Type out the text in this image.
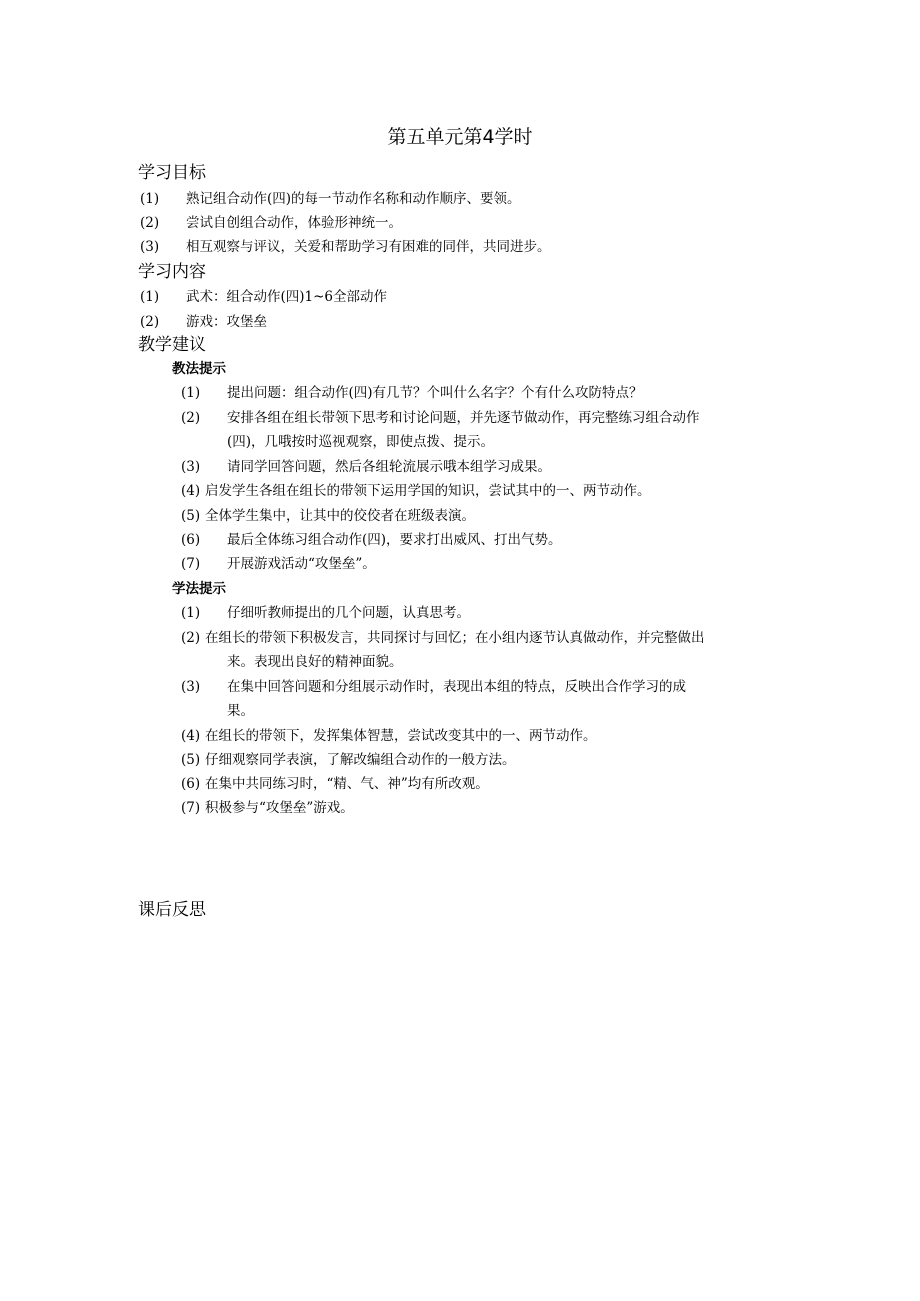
第五单元第4学时
学习目标
(1) 熟记组合动作(四)的每一节动作名称和动作顺序、要领。
(2) 尝试自创组合动作，体验形神统一。
(3) 相互观察与评议，关爱和帮助学习有困难的同伴，共同进步。
学习内容
(1) 武术：组合动作(四)1~6全部动作
(2) 游戏：攻堡垒
教学建议
教法提示
(1) 提出问题：组合动作(四)有几节？个叫什么名字？个有什么攻防特点？
(2) 安排各组在组长带领下思考和讨论问题，并先逐节做动作，再完整练习组合动作
(四)，几哦按时巡视观察，即使点拨、提示。
(3) 请同学回答问题，然后各组轮流展示哦本组学习成果。
(4) 启发学生各组在组长的带领下运用学国的知识，尝试其中的一、两节动作。
(5) 全体学生集中，让其中的佼佼者在班级表演。
(6) 最后全体练习组合动作(四)，要求打出威风、打出气势。
(7) 开展游戏活动“攻堡垒”。
学法提示
(1) 仔细听教师提出的几个问题，认真思考。
(2) 在组长的带领下积极发言，共同探讨与回忆；在小组内逐节认真做动作，并完整做出
来。表现出良好的精神面貌。
(3) 在集中回答问题和分组展示动作时，表现出本组的特点，反映出合作学习的成
果。
(4) 在组长的带领下，发挥集体智慧，尝试改变其中的一、两节动作。
(5) 仔细观察同学表演，了解改编组合动作的一般方法。
(6) 在集中共同练习时，“精、气、神”均有所改观。
(7) 积极参与“攻堡垒”游戏。
课后反思
